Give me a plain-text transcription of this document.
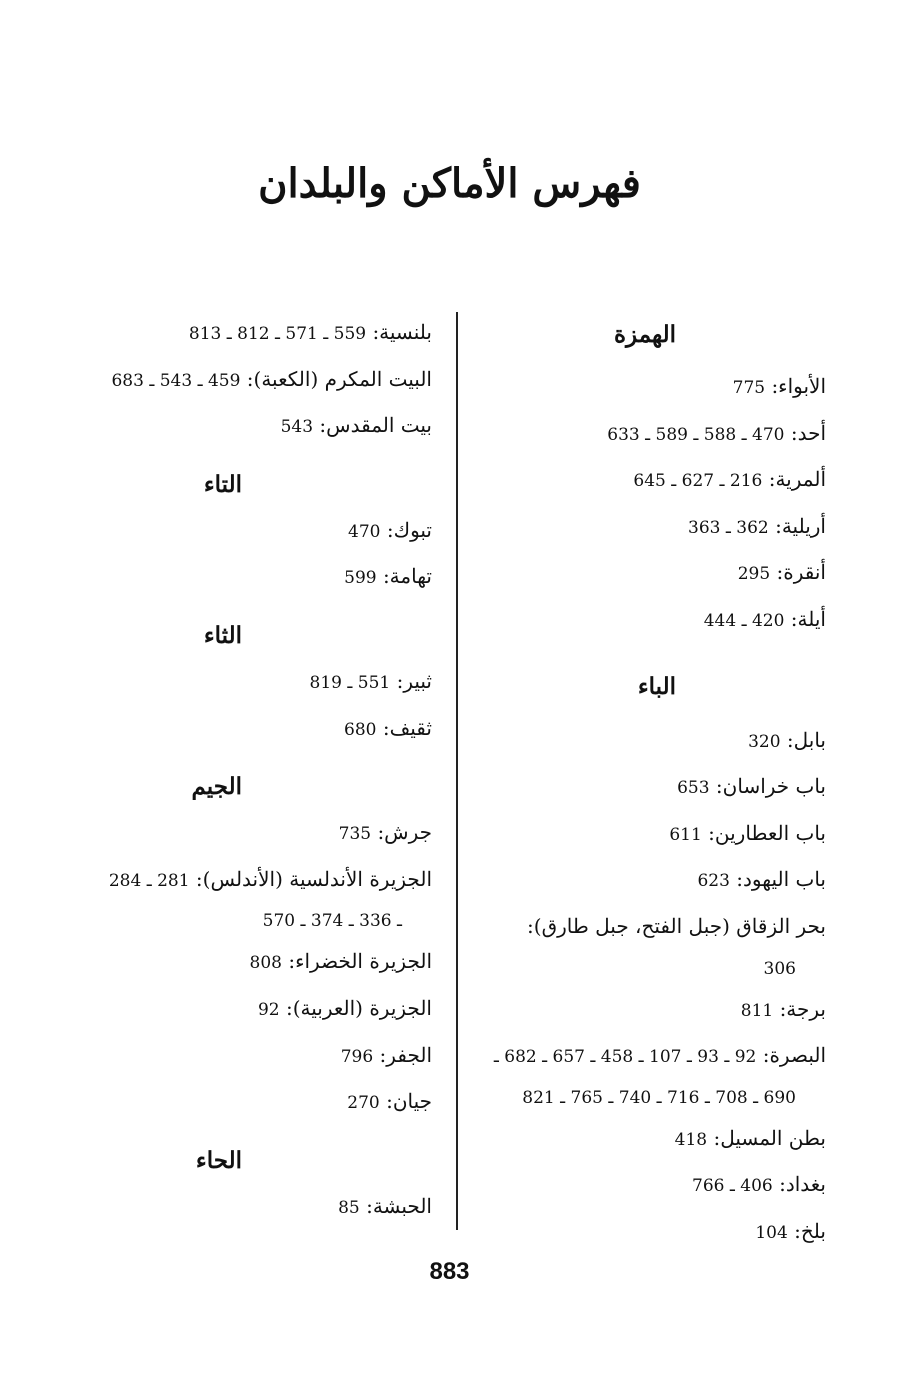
فهرس الأماكن والبلدان
الهمزة
الأبواء: 775
أحد: 470 ـ 588 ـ 589 ـ 633
ألمرية: 216 ـ 627 ـ 645
أريلية: 362 ـ 363
أنقرة: 295
أيلة: 420 ـ 444
الباء
بابل: 320
باب خراسان: 653
باب العطارين: 611
باب اليهود: 623
بحر الزقاق (جبل الفتح، جبل طارق):
306
برجة: 811
البصرة: 92 ـ 93 ـ 107 ـ 458 ـ 657 ـ 682 ـ
690 ـ 708 ـ 716 ـ 740 ـ 765 ـ 821
بطن المسيل: 418
بغداد: 406 ـ 766
بلخ: 104
بلنسية: 559 ـ 571 ـ 812 ـ 813
البيت المكرم (الكعبة): 459 ـ 543 ـ 683
بيت المقدس: 543
التاء
تبوك: 470
تهامة: 599
الثاء
ثبير: 551 ـ 819
ثقيف: 680
الجيم
جرش: 735
الجزيرة الأندلسية (الأندلس): 281 ـ 284
ـ 336 ـ 374 ـ 570
الجزيرة الخضراء: 808
الجزيرة (العربية): 92
الجفر: 796
جيان: 270
الحاء
الحبشة: 85
883
